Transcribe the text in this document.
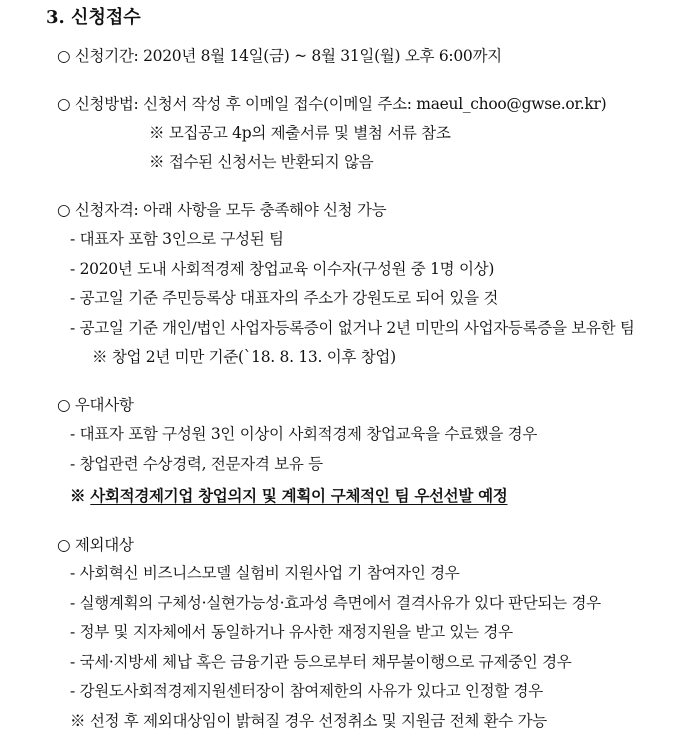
3. 신청접수
○ 신청기간: 2020년 8월 14일(금) ~ 8월 31일(월) 오후 6:00까지
○ 신청방법: 신청서 작성 후 이메일 접수(이메일 주소: maeul_choo@gwse.or.kr)
※ 모집공고 4p의 제출서류 및 별첨 서류 참조
※ 접수된 신청서는 반환되지 않음
○ 신청자격: 아래 사항을 모두 충족해야 신청 가능
- 대표자 포함 3인으로 구성된 팀
- 2020년 도내 사회적경제 창업교육 이수자(구성원 중 1명 이상)
- 공고일 기준 주민등록상 대표자의 주소가 강원도로 되어 있을 것
- 공고일 기준 개인/법인 사업자등록증이 없거나 2년 미만의 사업자등록증을 보유한 팀
※ 창업 2년 미만 기준(`18. 8. 13. 이후 창업)
○ 우대사항
- 대표자 포함 구성원 3인 이상이 사회적경제 창업교육을 수료했을 경우
- 창업관련 수상경력, 전문자격 보유 등
※ 사회적경제기업 창업의지 및 계획이 구체적인 팀 우선선발 예정
○ 제외대상
- 사회혁신 비즈니스모델 실험비 지원사업 기 참여자인 경우
- 실행계획의 구체성·실현가능성·효과성 측면에서 결격사유가 있다 판단되는 경우
- 정부 및 지자체에서 동일하거나 유사한 재정지원을 받고 있는 경우
- 국세·지방세 체납 혹은 금융기관 등으로부터 채무불이행으로 규제중인 경우
- 강원도사회적경제지원센터장이 참여제한의 사유가 있다고 인정할 경우
※ 선정 후 제외대상임이 밝혀질 경우 선정취소 및 지원금 전체 환수 가능
